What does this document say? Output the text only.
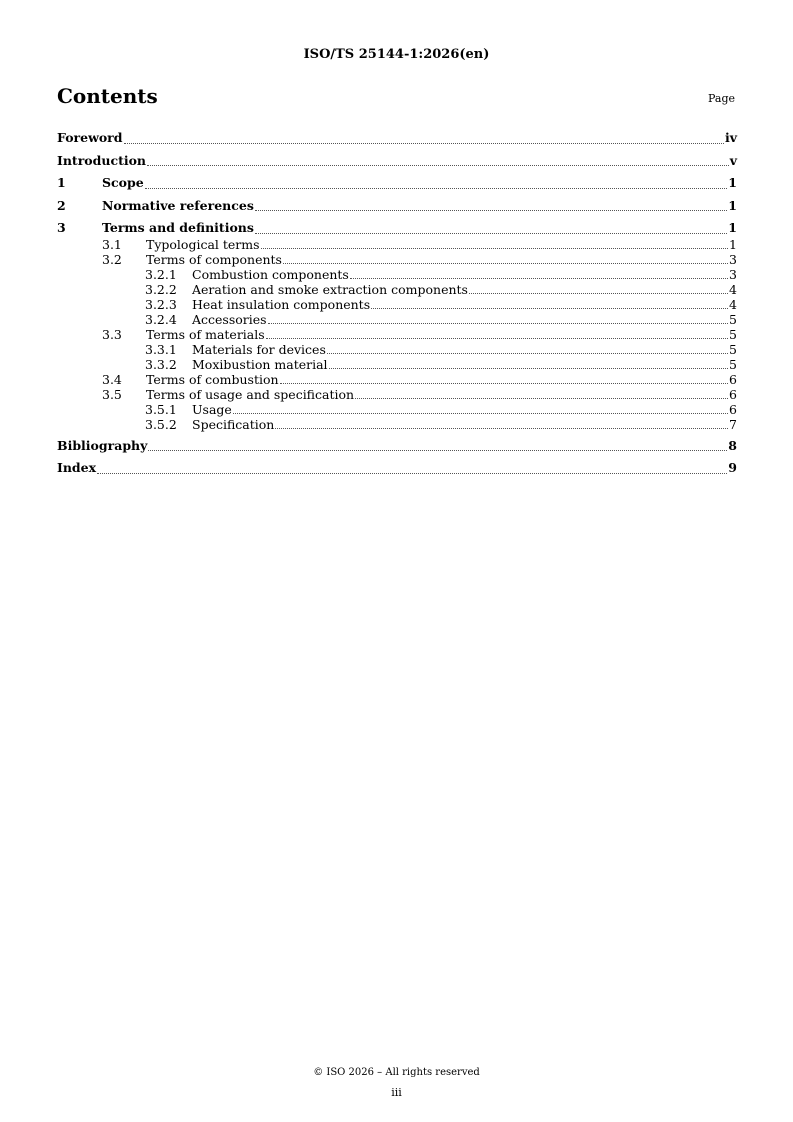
ISO/TS 25144-1:2026(en)
Contents	Page
Foreword	iv
Introduction	v
1	Scope	1
2	Normative references	1
3	Terms and definitions	1
3.1	Typological terms	1
3.2	Terms of components	3
3.2.1	Combustion components	3
3.2.2	Aeration and smoke extraction components	4
3.2.3	Heat insulation components	4
3.2.4	Accessories	5
3.3	Terms of materials	5
3.3.1	Materials for devices	5
3.3.2	Moxibustion material	5
3.4	Terms of combustion	6
3.5	Terms of usage and specification	6
3.5.1	Usage	6
3.5.2	Specification	7
Bibliography	8
Index	9
© ISO 2026 – All rights reserved
iii
